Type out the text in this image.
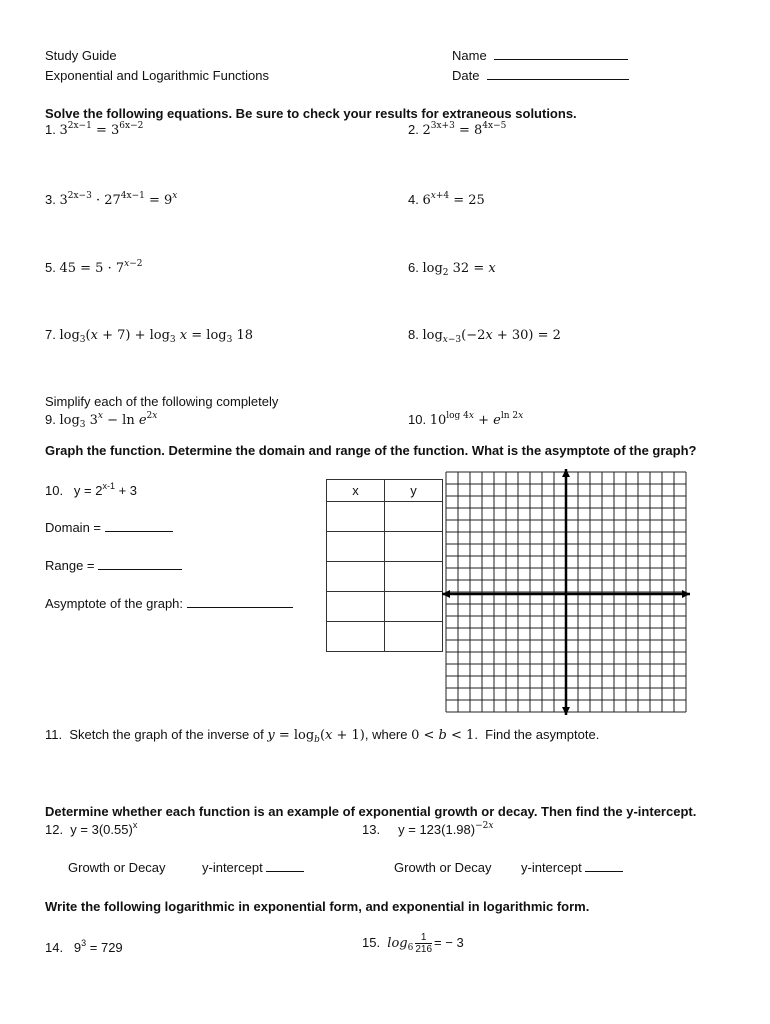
Study Guide
Exponential and Logarithmic Functions
Name
Date
Solve the following equations. Be sure to check your results for extraneous solutions.
1. $3^{2x-1} = 3^{6x-2}$	2. $2^{3x+3} = 8^{4x-5}$
3. $3^{2x-3} \cdot 27^{4x-1} = 9^x$	4. $6^{x+4} = 25$
5. $45 = 5 \cdot 7^{x-2}$	6. $\log_2 32 = x$
7. $\log_3(x + 7) + \log_3 x = \log_3 18$	8. $\log_{x-3}(-2x + 30) = 2$
Simplify each of the following completely
9. $\log_3 3^x - \ln e^{2x}$	10. $10^{log 4x} + e^{ln 2x}$
Graph the function. Determine the domain and range of the function. What is the asymptote of the graph?
10.   $y = 2^{x-1} + 3$
Domain =
Range =
Asymptote of the graph:
x	y

11.  Sketch the graph of the inverse of $y = \log_b(x + 1)$, where 0 < b < 1.  Find the asymptote.
Determine whether each function is an example of exponential growth or decay. Then find the y-intercept.
12.  $y = 3(0.55)^x$	13.     $y = 123(1.98)^{-2x}$
Growth or Decay	y-intercept	Growth or Decay y-intercept
Write the following logarithmic in exponential form, and exponential in logarithmic form.
14.   $9^3 = 729$	15.  $\log_6 \frac{1}{216}$ = − 3
